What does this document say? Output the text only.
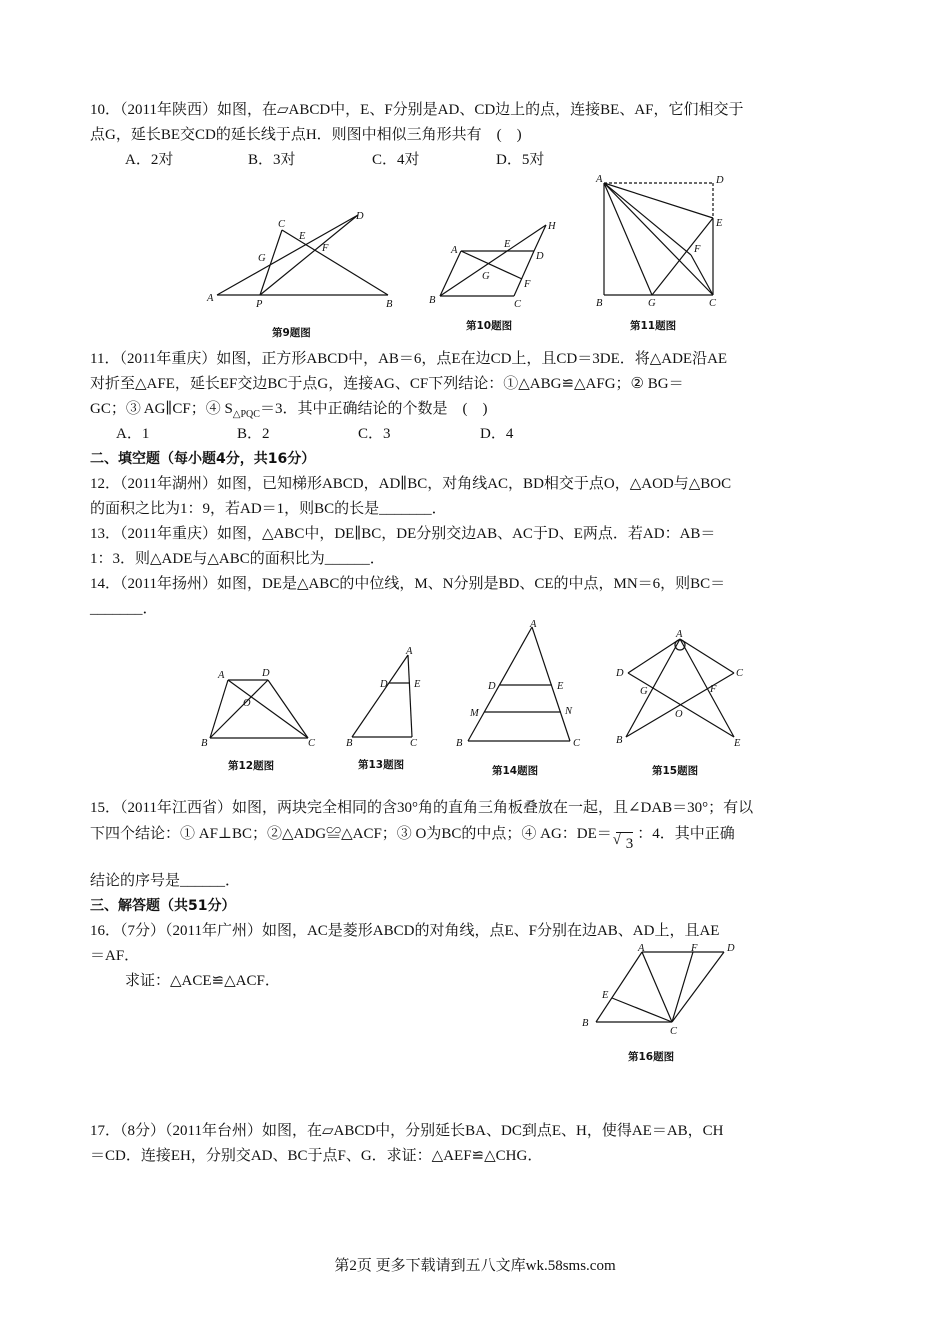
10．（2011年陕西）如图，在▱ABCD中，E、F分别是AD、CD边上的点，连接BE、AF，它们相交于
点G，延长BE交CD的延长线于点H．则图中相似三角形共有　(　)
A．2对	B．3对	C．4对	D．5对
A
P	B
C
D
G
E
F
第9题图
A
E
D
H
G
B	C
F
第10题图
A	D
E
F
B	G	C
第11题图
11．（2011年重庆）如图，正方形ABCD中，AB＝6，点E在边CD上，且CD＝3DE．将△ADE沿AE
对折至△AFE，延长EF交边BC于点G，连接AG、CF下列结论：①△ABG≌△AFG；② BG＝
GC；③ AG∥CF；④ $S_{\triangle PQC}=3$．其中正确结论的个数是　(　)
A．1	B．2	C．3	D．4
二、填空题（每小题4分，共16分）
12．（2011年湖州）如图，已知梯形ABCD，AD∥BC，对角线AC，BD相交于点O，△AOD与△BOC
的面积之比为1：9，若AD＝1，则BC的长是_______．
13．（2011年重庆）如图，△ABC中，DE∥BC，DE分别交边AB、AC于D、E两点．若AD：AB＝
1：3．则△ADE与△ABC的面积比为______．
14．（2011年扬州）如图，DE是△ABC的中位线，M、N分别是BD、CE的中点，MN＝6，则BC＝
_______．
A	D
O
B	C
第12题图
A
D	E
B	C
第13题图
A
D	E
M	N
B	C
第14题图
A
D	C
G	F
O
B	E
第15题图
15．（2011年江西省）如图，两块完全相同的含30°角的直角三角板叠放在一起，且∠DAB＝30°；有以
下四个结论：① AF⊥BC；②△ADG≌△ACF；③ O为BC的中点；④ AG：DE＝√ 3：4．其中正确
结论的序号是______．
三、解答题（共51分）
16．（7分）（2011年广州）如图，AC是菱形ABCD的对角线，点E、F分别在边AB、AD上，且AE
＝AF．
求证：△ACE≌△ACF．
A	F	D
E
B
C
第16题图
17．（8分）（2011年台州）如图，在▱ABCD中，分别延长BA、DC到点E、H，使得AE＝AB，CH
＝CD．连接EH，分别交AD、BC于点F、G．求证：△AEF≌△CHG．
第2页 更多下载请到五八文库wk.58sms.com
